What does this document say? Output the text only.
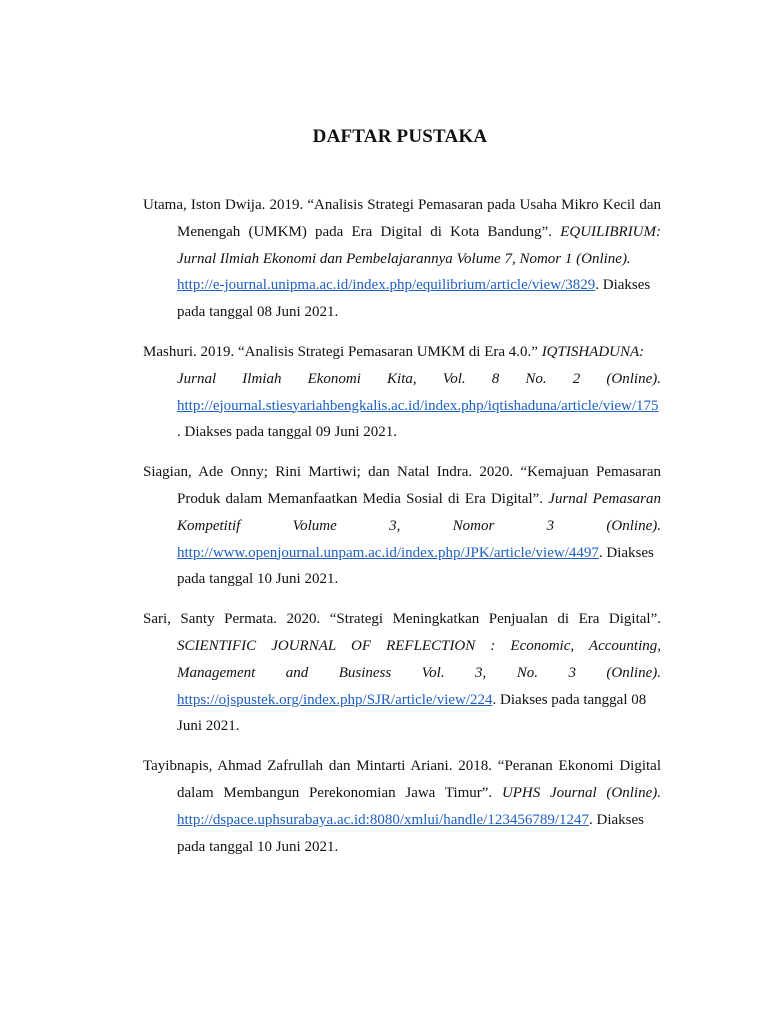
DAFTAR PUSTAKA
Utama, Iston Dwija. 2019. “Analisis Strategi Pemasaran pada Usaha Mikro Kecil dan
Menengah (UMKM) pada Era Digital di Kota Bandung”. EQUILIBRIUM:
Jurnal Ilmiah Ekonomi dan Pembelajarannya Volume 7, Nomor 1 (Online).
http://e-journal.unipma.ac.id/index.php/equilibrium/article/view/3829. Diakses
pada tanggal 08 Juni 2021.
Mashuri. 2019. “Analisis Strategi Pemasaran UMKM di Era 4.0.” IQTISHADUNA:
Jurnal Ilmiah Ekonomi Kita, Vol. 8 No. 2 (Online).
http://ejournal.stiesyariahbengkalis.ac.id/index.php/iqtishaduna/article/view/175
. Diakses pada tanggal 09 Juni 2021.
Siagian, Ade Onny; Rini Martiwi; dan Natal Indra. 2020. “Kemajuan Pemasaran
Produk dalam Memanfaatkan Media Sosial di Era Digital”. Jurnal Pemasaran
Kompetitif Volume 3, Nomor 3 (Online).
http://www.openjournal.unpam.ac.id/index.php/JPK/article/view/4497. Diakses
pada tanggal 10 Juni 2021.
Sari, Santy Permata. 2020. “Strategi Meningkatkan Penjualan di Era Digital”.
SCIENTIFIC JOURNAL OF REFLECTION : Economic, Accounting,
Management and Business Vol. 3, No. 3 (Online).
https://ojspustek.org/index.php/SJR/article/view/224. Diakses pada tanggal 08
Juni 2021.
Tayibnapis, Ahmad Zafrullah dan Mintarti Ariani. 2018. “Peranan Ekonomi Digital
dalam Membangun Perekonomian Jawa Timur”. UPHS Journal (Online).
http://dspace.uphsurabaya.ac.id:8080/xmlui/handle/123456789/1247. Diakses
pada tanggal 10 Juni 2021.
